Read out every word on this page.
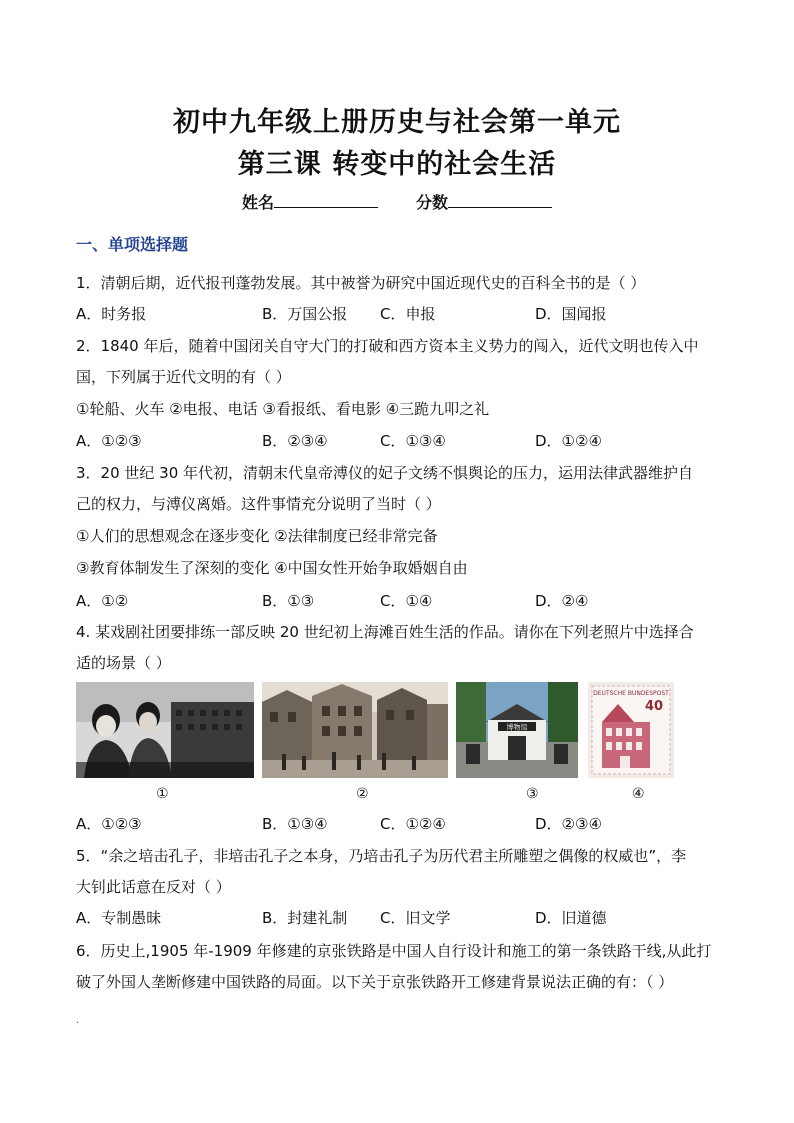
初中九年级上册历史与社会第一单元
第三课 转变中的社会生活
姓名	分数
一、单项选择题
1．清朝后期，近代报刊蓬勃发展。其中被誉为研究中国近现代史的百科全书的是（ ）
A．时务报	B．万国公报 C．申报	D．国闻报
2．1840 年后，随着中国闭关自守大门的打破和西方资本主义势力的闯入，近代文明也传入中
国，下列属于近代文明的有（ ）
①轮船、火车 ②电报、电话 ③看报纸、看电影 ④三跪九叩之礼
A．①②③	B．②③④	C．①③④	D．①②④
3．20 世纪 30 年代初，清朝末代皇帝溥仪的妃子文绣不惧舆论的压力，运用法律武器维护自
己的权力，与溥仪离婚。这件事情充分说明了当时（ ）
①人们的思想观念在逐步变化 ②法律制度已经非常完备
③教育体制发生了深刻的变化 ④中国女性开始争取婚姻自由
A．①②	B．①③	C．①④	D．②④
4. 某戏剧社团要排练一部反映 20 世纪初上海滩百姓生活的作品。请你在下列老照片中选择合
适的场景（ ）
博物馆
DEUTSCHE BUNDESPOST
40
①	②	③	④
A．①②③	B．①③④	C．①②④	D．②③④
5．“余之培击孔子，非培击孔子之本身，乃培击孔子为历代君主所雕塑之偶像的权威也”，李
大钊此话意在反对（ ）
A．专制愚昧	B．封建礼制 C．旧文学	D．旧道德
6．历史上,1905 年-1909 年修建的京张铁路是中国人自行设计和施工的第一条铁路干线,从此打
破了外国人垄断修建中国铁路的局面。以下关于京张铁路开工修建背景说法正确的有：（ ）
.
